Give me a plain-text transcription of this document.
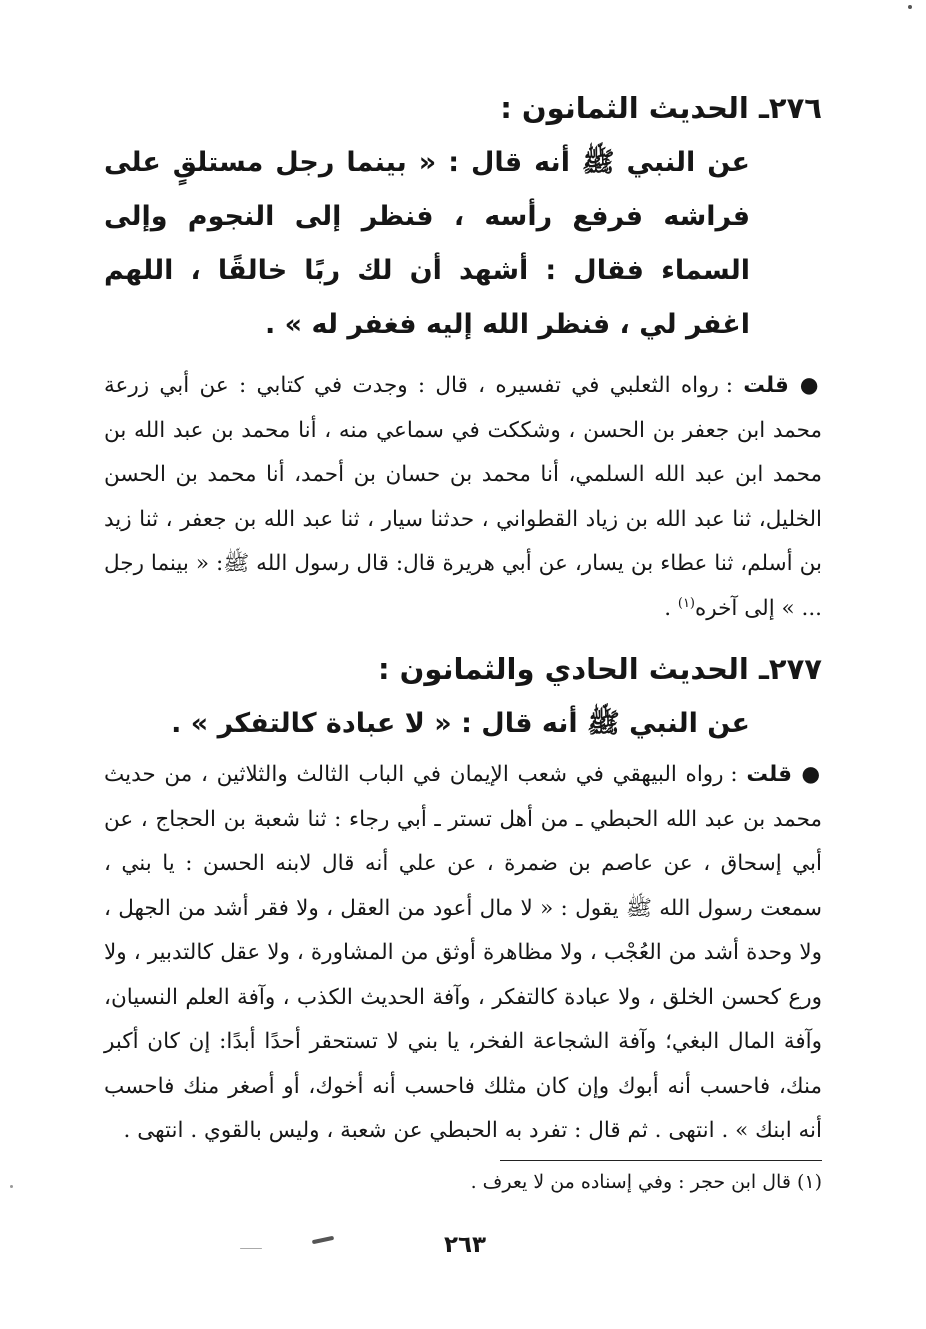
٢٧٦ـ الحديث الثمانون :

عن النبي ﷺ أنه قال : « بينما رجل مستلقٍ على فراشه فرفع رأسه ، فنظر إلى النجوم وإلى السماء فقال : أشهد أن لك ربًا خالقًا ، اللهم اغفر لي ، فنظر الله إليه فغفر له » .

● قلت : رواه الثعلبي في تفسيره ، قال : وجدت في كتابي : عن أبي زرعة محمد ابن جعفر بن الحسن ، وشككت في سماعي منه ، أنا محمد بن عبد الله بن محمد ابن عبد الله السلمي، أنا محمد بن حسان بن أحمد، أنا محمد بن الحسن الخليل، ثنا عبد الله بن زياد القطواني ، حدثنا سيار ، ثنا عبد الله بن جعفر ، ثنا زيد بن أسلم، ثنا عطاء بن يسار، عن أبي هريرة قال: قال رسول الله ﷺ: « بينما رجل ... » إلى آخره$^{(١)}$ .

٢٧٧ـ الحديث الحادي والثمانون :

عن النبي ﷺ أنه قال : « لا عبادة كالتفكر » .

● قلت : رواه البيهقي في شعب الإيمان في الباب الثالث والثلاثين ، من حديث محمد بن عبد الله الحبطي ـ من أهل تستر ـ أبي رجاء : ثنا شعبة بن الحجاج ، عن أبي إسحاق ، عن عاصم بن ضمرة ، عن علي أنه قال لابنه الحسن : يا بني ، سمعت رسول الله ﷺ يقول : « لا مال أعود من العقل ، ولا فقر أشد من الجهل ، ولا وحدة أشد من العُجْب ، ولا مظاهرة أوثق من المشاورة ، ولا عقل كالتدبير ، ولا ورع كحسن الخلق ، ولا عبادة كالتفكر ، وآفة الحديث الكذب ، وآفة العلم النسيان، وآفة المال البغي؛ وآفة الشجاعة الفخر، يا بني لا تستحقر أحدًا أبدًا: إن كان أكبر منك، فاحسب أنه أبوك وإن كان مثلك فاحسب أنه أخوك، أو أصغر منك فاحسب أنه ابنك » . انتهى . ثم قال : تفرد به الحبطي عن شعبة ، وليس بالقوي . انتهى .

(١) قال ابن حجر : وفي إسناده من لا يعرف .

٢٦٣
